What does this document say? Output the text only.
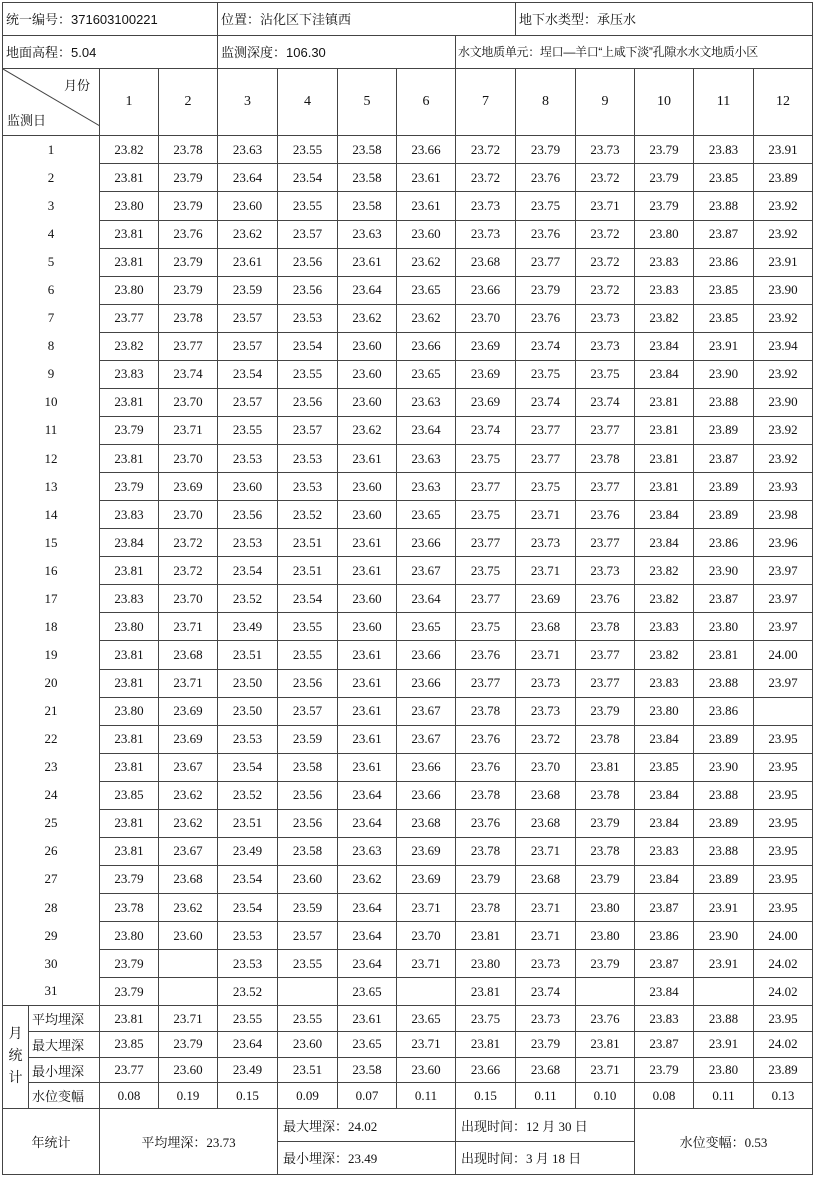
统一编号：371603100221				位置：沾化区下洼镇西					地下水类型：承压水				
地面高程：5.04				监测深度：106.30				水文地质单元：埕口—羊口“上咸下淡”孔隙水水文地质小区					

月份
监测日		1	2	3	4	5	6	7	8	9	10	11	12
1		23.82	23.78	23.63	23.55	23.58	23.66	23.72	23.79	23.73	23.79	23.83	23.91
2		23.81	23.79	23.64	23.54	23.58	23.61	23.72	23.76	23.72	23.79	23.85	23.89
3		23.80	23.79	23.60	23.55	23.58	23.61	23.73	23.75	23.71	23.79	23.88	23.92
4		23.81	23.76	23.62	23.57	23.63	23.60	23.73	23.76	23.72	23.80	23.87	23.92
5		23.81	23.79	23.61	23.56	23.61	23.62	23.68	23.77	23.72	23.83	23.86	23.91
6		23.80	23.79	23.59	23.56	23.64	23.65	23.66	23.79	23.72	23.83	23.85	23.90
7		23.77	23.78	23.57	23.53	23.62	23.62	23.70	23.76	23.73	23.82	23.85	23.92
8		23.82	23.77	23.57	23.54	23.60	23.66	23.69	23.74	23.73	23.84	23.91	23.94
9		23.83	23.74	23.54	23.55	23.60	23.65	23.69	23.75	23.75	23.84	23.90	23.92
10		23.81	23.70	23.57	23.56	23.60	23.63	23.69	23.74	23.74	23.81	23.88	23.90
11		23.79	23.71	23.55	23.57	23.62	23.64	23.74	23.77	23.77	23.81	23.89	23.92
12		23.81	23.70	23.53	23.53	23.61	23.63	23.75	23.77	23.78	23.81	23.87	23.92
13		23.79	23.69	23.60	23.53	23.60	23.63	23.77	23.75	23.77	23.81	23.89	23.93
14		23.83	23.70	23.56	23.52	23.60	23.65	23.75	23.71	23.76	23.84	23.89	23.98
15		23.84	23.72	23.53	23.51	23.61	23.66	23.77	23.73	23.77	23.84	23.86	23.96
16		23.81	23.72	23.54	23.51	23.61	23.67	23.75	23.71	23.73	23.82	23.90	23.97
17		23.83	23.70	23.52	23.54	23.60	23.64	23.77	23.69	23.76	23.82	23.87	23.97
18		23.80	23.71	23.49	23.55	23.60	23.65	23.75	23.68	23.78	23.83	23.80	23.97
19		23.81	23.68	23.51	23.55	23.61	23.66	23.76	23.71	23.77	23.82	23.81	24.00
20		23.81	23.71	23.50	23.56	23.61	23.66	23.77	23.73	23.77	23.83	23.88	23.97
21		23.80	23.69	23.50	23.57	23.61	23.67	23.78	23.73	23.79	23.80	23.86	
22		23.81	23.69	23.53	23.59	23.61	23.67	23.76	23.72	23.78	23.84	23.89	23.95
23		23.81	23.67	23.54	23.58	23.61	23.66	23.76	23.70	23.81	23.85	23.90	23.95
24		23.85	23.62	23.52	23.56	23.64	23.66	23.78	23.68	23.78	23.84	23.88	23.95
25		23.81	23.62	23.51	23.56	23.64	23.68	23.76	23.68	23.79	23.84	23.89	23.95
26		23.81	23.67	23.49	23.58	23.63	23.69	23.78	23.71	23.78	23.83	23.88	23.95
27		23.79	23.68	23.54	23.60	23.62	23.69	23.79	23.68	23.79	23.84	23.89	23.95
28		23.78	23.62	23.54	23.59	23.64	23.71	23.78	23.71	23.80	23.87	23.91	23.95
29		23.80	23.60	23.53	23.57	23.64	23.70	23.81	23.71	23.80	23.86	23.90	24.00
30		23.79		23.53	23.55	23.64	23.71	23.80	23.73	23.79	23.87	23.91	24.02
31		23.79		23.52		23.65		23.81	23.74		23.84		24.02
月统计	平均埋深	23.81	23.71	23.55	23.55	23.61	23.65	23.75	23.73	23.76	23.83	23.88	23.95
	最大埋深	23.85	23.79	23.64	23.60	23.65	23.71	23.81	23.79	23.81	23.87	23.91	24.02
	最小埋深	23.77	23.60	23.49	23.51	23.58	23.60	23.66	23.68	23.71	23.79	23.80	23.89
	水位变幅	0.08	0.19	0.15	0.09	0.07	0.11	0.15	0.11	0.10	0.08	0.11	0.13
年统计		平均埋深：23.73			最大埋深：24.02			出现时间：12 月 30 日			水位变幅：0.53		
					最小埋深：23.49			出现时间：3 月 18 日					
